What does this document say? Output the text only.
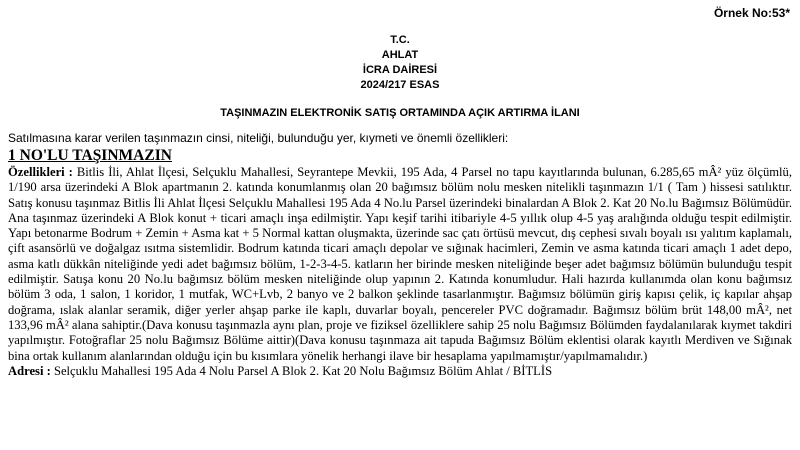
Örnek No:53*
T.C.
AHLAT
İCRA DAİRESİ
2024/217 ESAS
TAŞINMAZIN ELEKTRONİK SATIŞ ORTAMINDA AÇIK ARTIRMA İLANI
Satılmasına karar verilen taşınmazın cinsi, niteliği, bulunduğu yer, kıymeti ve önemli özellikleri:
1 NO'LU TAŞINMAZIN

Özellikleri : Bitlis İli, Ahlat İlçesi, Selçuklu Mahallesi, Seyrantepe Mevkii, 195 Ada, 4 Parsel no tapu kayıtlarında bulunan, 6.285,65 mÂ² yüz ölçümlü, 1/190 arsa üzerindeki A Blok apartmanın 2. katında konumlanmış olan 20 bağımsız bölüm nolu mesken nitelikli taşınmazın 1/1 ( Tam ) hissesi satılıktır. Satış konusu taşınmaz Bitlis İli Ahlat İlçesi Selçuklu Mahallesi 195 Ada 4 No.lu Parsel üzerindeki binalardan A Blok 2. Kat 20 No.lu Bağımsız Bölümüdür. Ana taşınmaz üzerindeki A Blok konut + ticari amaçlı inşa edilmiştir. Yapı keşif tarihi itibariyle 4-5 yıllık olup 4-5 yaş aralığında olduğu tespit edilmiştir. Yapı betonarme Bodrum + Zemin + Asma kat + 5 Normal kattan oluşmakta, üzerinde sac çatı örtüsü mevcut, dış cephesi sıvalı boyalı ısı yalıtım kaplamalı, çift asansörlü ve doğalgaz ısıtma sistemlidir. Bodrum katında ticari amaçlı depolar ve sığınak hacimleri, Zemin ve asma katında ticari amaçlı 1 adet depo, asma katlı dükkân niteliğinde yedi adet bağımsız bölüm, 1-2-3-4-5. katların her birinde mesken niteliğinde beşer adet bağımsız bölümün bulunduğu tespit edilmiştir. Satışa konu 20 No.lu bağımsız bölüm mesken niteliğinde olup yapının 2. Katında konumludur. Hali hazırda kullanımda olan konu bağımsız bölüm 3 oda, 1 salon, 1 koridor, 1 mutfak, WC+Lvb, 2 banyo ve 2 balkon şeklinde tasarlanmıştır. Bağımsız bölümün giriş kapısı çelik, iç kapılar ahşap doğrama, ıslak alanlar seramik, diğer yerler ahşap parke ile kaplı, duvarlar boyalı, pencereler PVC doğramadır. Bağımsız bölüm brüt 148,00 mÂ², net 133,96 mÂ² alana sahiptir.(Dava konusu taşınmazla aynı plan, proje ve fiziksel özelliklere sahip 25 nolu Bağımsız Bölümden faydalanılarak kıymet takdiri yapılmıştır. Fotoğraflar 25 nolu Bağımsız Bölüme aittir)(Dava konusu taşınmaza ait tapuda Bağımsız Bölüm eklentisi olarak kayıtlı Merdiven ve Sığınak bina ortak kullanım alanlarından olduğu için bu kısımlara yönelik herhangi ilave bir hesaplama yapılmamıştır/yapılmamalıdır.)

Adresi : Selçuklu Mahallesi 195 Ada 4 Nolu Parsel A Blok 2. Kat 20 Nolu Bağımsız Bölüm Ahlat / BİTLİS
